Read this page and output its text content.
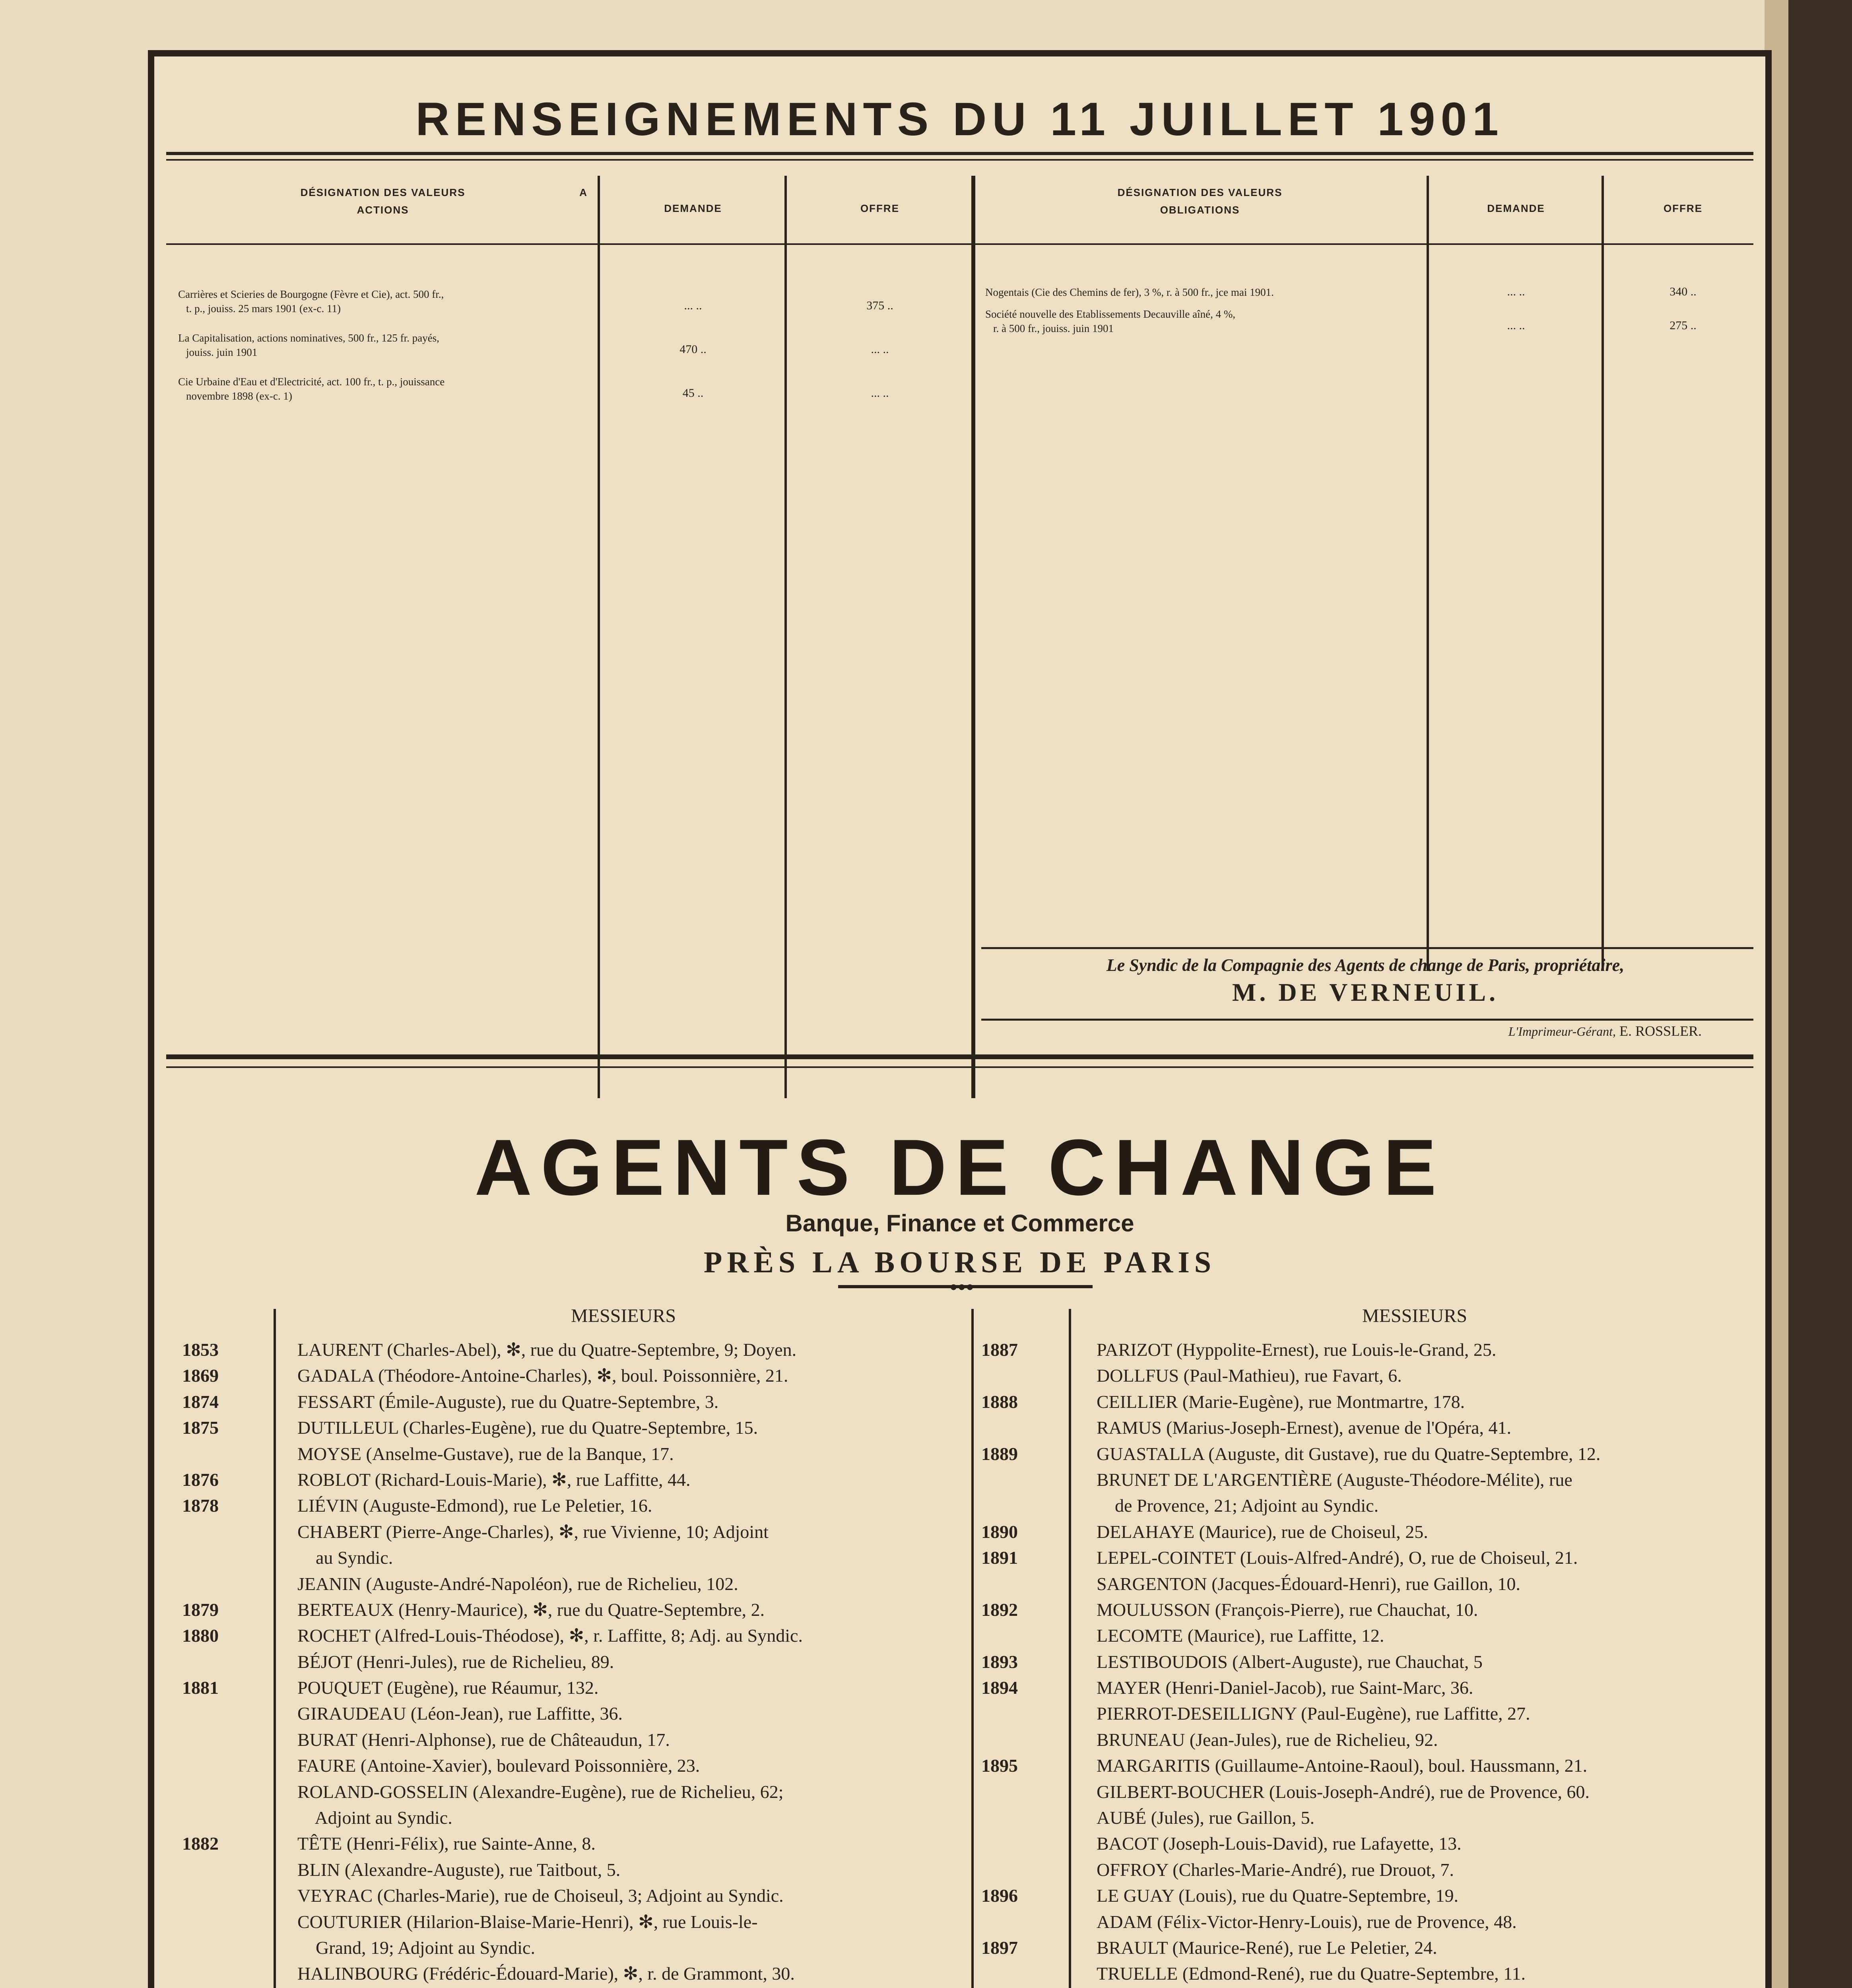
RENSEIGNEMENTS DU 11 JUILLET 1901
DÉSIGNATION DES VALEURS	A

ACTIONS	DEMANDE	OFFRE
DÉSIGNATION DES VALEURS
OBLIGATIONS	DEMANDE	OFFRE
Carrières et Scieries de Bourgogne (Fèvre et Cie), act. 500 fr.,
t. p., jouiss. 25 mars 1901 (ex-c. 11)	... ..	375 ..
La Capitalisation, actions nominatives, 500 fr., 125 fr. payés,
jouiss. juin 1901	470 ..	... ..
Cie Urbaine d'Eau et d'Electricité, act. 100 fr., t. p., jouissance
novembre 1898 (ex-c. 1)	45 ..	... ..
Nogentais (Cie des Chemins de fer), 3 %, r. à 500 fr., jce mai 1901.	... ..	340 ..
Société nouvelle des Etablissements Decauville aîné, 4 %,
r. à 500 fr., jouiss. juin 1901	... ..	275 ..
Le Syndic de la Compagnie des Agents de change de Paris, propriétaire,
M. DE VERNEUIL.
L'Imprimeur-Gérant, E. ROSSLER.
AGENTS DE CHANGE
Banque, Finance et Commerce
PRÈS LA BOURSE DE PARIS
●●●
MESSIEURS	MESSIEURS
1853	LAURENT (Charles-Abel), ✻, rue du Quatre-Septembre, 9; Doyen.
1869	GADALA (Théodore-Antoine-Charles), ✻, boul. Poissonnière, 21.
1874	FESSART (Émile-Auguste), rue du Quatre-Septembre, 3.
1875	DUTILLEUL (Charles-Eugène), rue du Quatre-Septembre, 15.
MOYSE (Anselme-Gustave), rue de la Banque, 17.
1876	ROBLOT (Richard-Louis-Marie), ✻, rue Laffitte, 44.
1878	LIÉVIN (Auguste-Edmond), rue Le Peletier, 16.
CHABERT (Pierre-Ange-Charles), ✻, rue Vivienne, 10; Adjoint
au Syndic.
JEANIN (Auguste-André-Napoléon), rue de Richelieu, 102.
1879	BERTEAUX (Henry-Maurice), ✻, rue du Quatre-Septembre, 2.
1880	ROCHET (Alfred-Louis-Théodose), ✻, r. Laffitte, 8; Adj. au Syndic.
BÉJOT (Henri-Jules), rue de Richelieu, 89.
1881	POUQUET (Eugène), rue Réaumur, 132.
GIRAUDEAU (Léon-Jean), rue Laffitte, 36.
BURAT (Henri-Alphonse), rue de Châteaudun, 17.
FAURE (Antoine-Xavier), boulevard Poissonnière, 23.
ROLAND-GOSSELIN (Alexandre-Eugène), rue de Richelieu, 62;
Adjoint au Syndic.
1882	TÊTE (Henri-Félix), rue Sainte-Anne, 8.
BLIN (Alexandre-Auguste), rue Taitbout, 5.
VEYRAC (Charles-Marie), rue de Choiseul, 3; Adjoint au Syndic.
COUTURIER (Hilarion-Blaise-Marie-Henri), ✻, rue Louis-le-
Grand, 19; Adjoint au Syndic.
HALINBOURG (Frédéric-Édouard-Marie), ✻, r. de Grammont, 30.
1887	PARIZOT (Hyppolite-Ernest), rue Louis-le-Grand, 25.
DOLLFUS (Paul-Mathieu), rue Favart, 6.
1888	CEILLIER (Marie-Eugène), rue Montmartre, 178.
RAMUS (Marius-Joseph-Ernest), avenue de l'Opéra, 41.
1889	GUASTALLA (Auguste, dit Gustave), rue du Quatre-Septembre, 12.
BRUNET DE L'ARGENTIÈRE (Auguste-Théodore-Mélite), rue
de Provence, 21; Adjoint au Syndic.
1890	DELAHAYE (Maurice), rue de Choiseul, 25.
1891	LEPEL-COINTET (Louis-Alfred-André), O, rue de Choiseul, 21.
SARGENTON (Jacques-Édouard-Henri), rue Gaillon, 10.
1892	MOULUSSON (François-Pierre), rue Chauchat, 10.
LECOMTE (Maurice), rue Laffitte, 12.
1893	LESTIBOUDOIS (Albert-Auguste), rue Chauchat, 5
1894	MAYER (Henri-Daniel-Jacob), rue Saint-Marc, 36.
PIERROT-DESEILLIGNY (Paul-Eugène), rue Laffitte, 27.
BRUNEAU (Jean-Jules), rue de Richelieu, 92.
1895	MARGARITIS (Guillaume-Antoine-Raoul), boul. Haussmann, 21.
GILBERT-BOUCHER (Louis-Joseph-André), rue de Provence, 60.
AUBÉ (Jules), rue Gaillon, 5.
BACOT (Joseph-Louis-David), rue Lafayette, 13.
OFFROY (Charles-Marie-André), rue Drouot, 7.
1896	LE GUAY (Louis), rue du Quatre-Septembre, 19.
ADAM (Félix-Victor-Henry-Louis), rue de Provence, 48.
1897	BRAULT (Maurice-René), rue Le Peletier, 24.
TRUELLE (Edmond-René), rue du Quatre-Septembre, 11.
